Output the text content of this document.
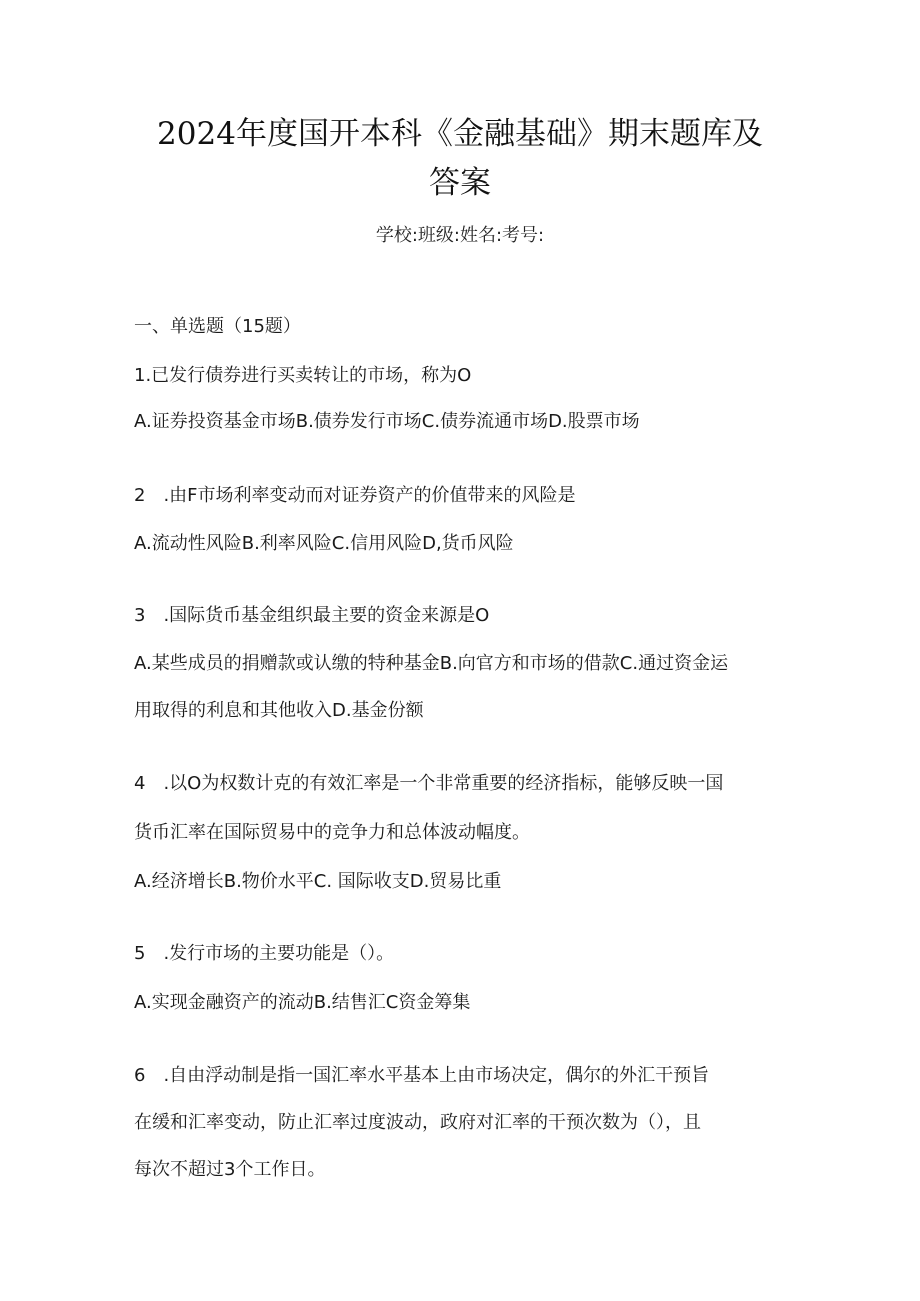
2024年度国开本科《金融基础》期末题库及
答案
学校:班级:姓名:考号:
一、单选题（15题）
1.已发行债券进行买卖转让的市场，称为O
A.证券投资基金市场B.债券发行市场C.债券流通市场D.股票市场
2　.由F市场利率变动而对证券资产的价值带来的风险是
A.流动性风险B.利率风险C.信用风险D,货币风险
3　.国际货币基金组织最主要的资金来源是O
A.某些成员的捐赠款或认缴的特种基金B.向官方和市场的借款C.通过资金运
用取得的利息和其他收入D.基金份额
4　.以O为权数计克的有效汇率是一个非常重要的经济指标，能够反映一国
货币汇率在国际贸易中的竞争力和总体波动幅度。
A.经济增长B.物价水平C. 国际收支D.贸易比重
5　.发行市场的主要功能是（）。
A.实现金融资产的流动B.结售汇C资金筹集
6　.自由浮动制是指一国汇率水平基本上由市场决定，偶尔的外汇干预旨
在缓和汇率变动，防止汇率过度波动，政府对汇率的干预次数为（），且
每次不超过3个工作日。
